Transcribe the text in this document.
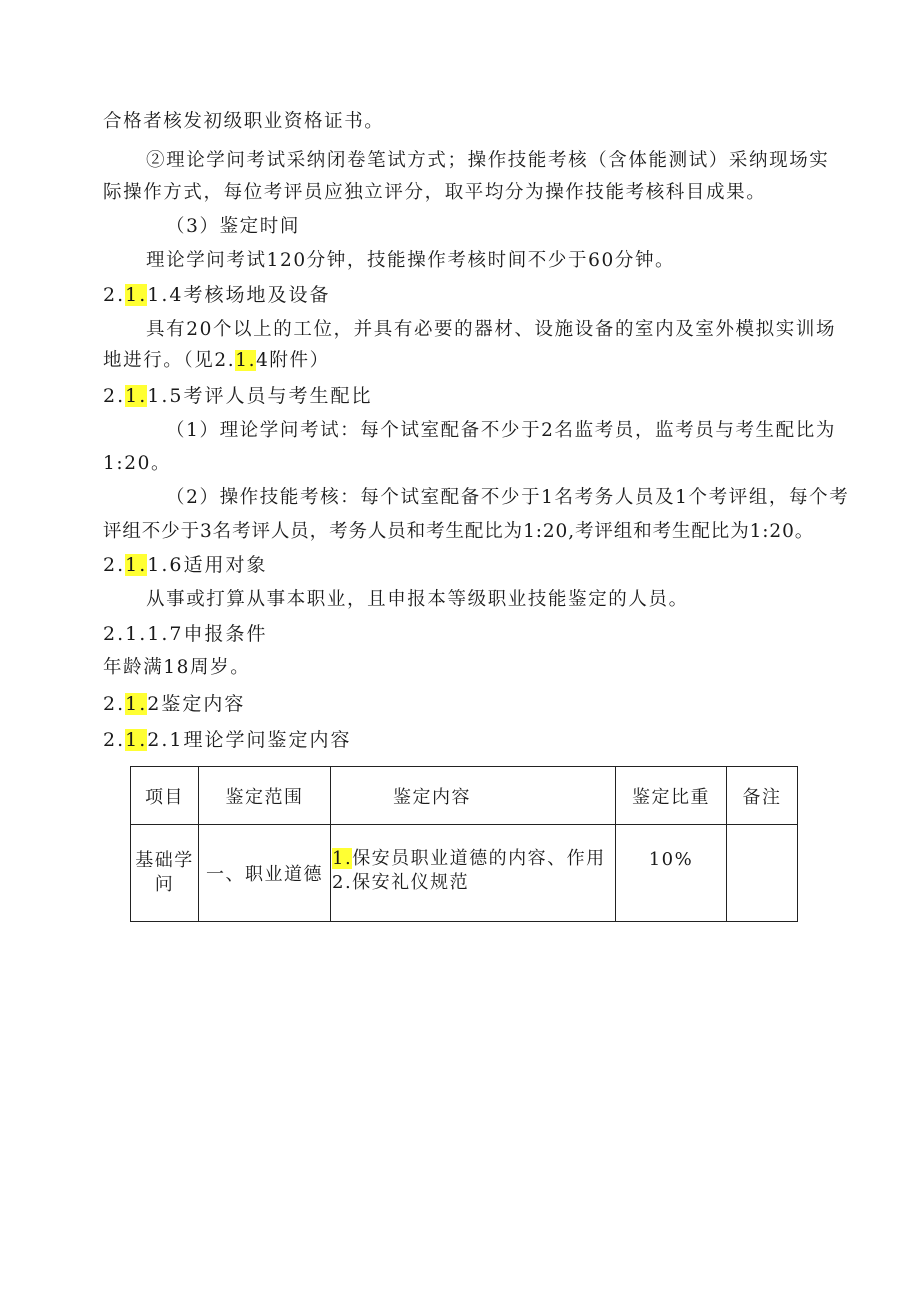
合格者核发初级职业资格证书。
②理论学问考试采纳闭卷笔试方式；操作技能考核（含体能测试）采纳现场实
际操作方式，每位考评员应独立评分，取平均分为操作技能考核科目成果。
（3）鉴定时间
理论学问考试120分钟，技能操作考核时间不少于60分钟。
2.1.1.4考核场地及设备
具有20个以上的工位，并具有必要的器材、设施设备的室内及室外模拟实训场
地进行。（见2.1.4附件）
2.1.1.5考评人员与考生配比
（1）理论学问考试：每个试室配备不少于2名监考员，监考员与考生配比为
1:20。
（2）操作技能考核：每个试室配备不少于1名考务人员及1个考评组，每个考
评组不少于3名考评人员，考务人员和考生配比为1:20,考评组和考生配比为1:20。
2.1.1.6适用对象
从事或打算从事本职业，且申报本等级职业技能鉴定的人员。
2.1.1.7申报条件
年龄满18周岁。
2.1.2鉴定内容
2.1.2.1理论学问鉴定内容
项目	鉴定范围	鉴定内容	鉴定比重	备注

基础学
问	一、职业道德	1.保安员职业道德的内容、作用
2.保安礼仪规范	10%	
